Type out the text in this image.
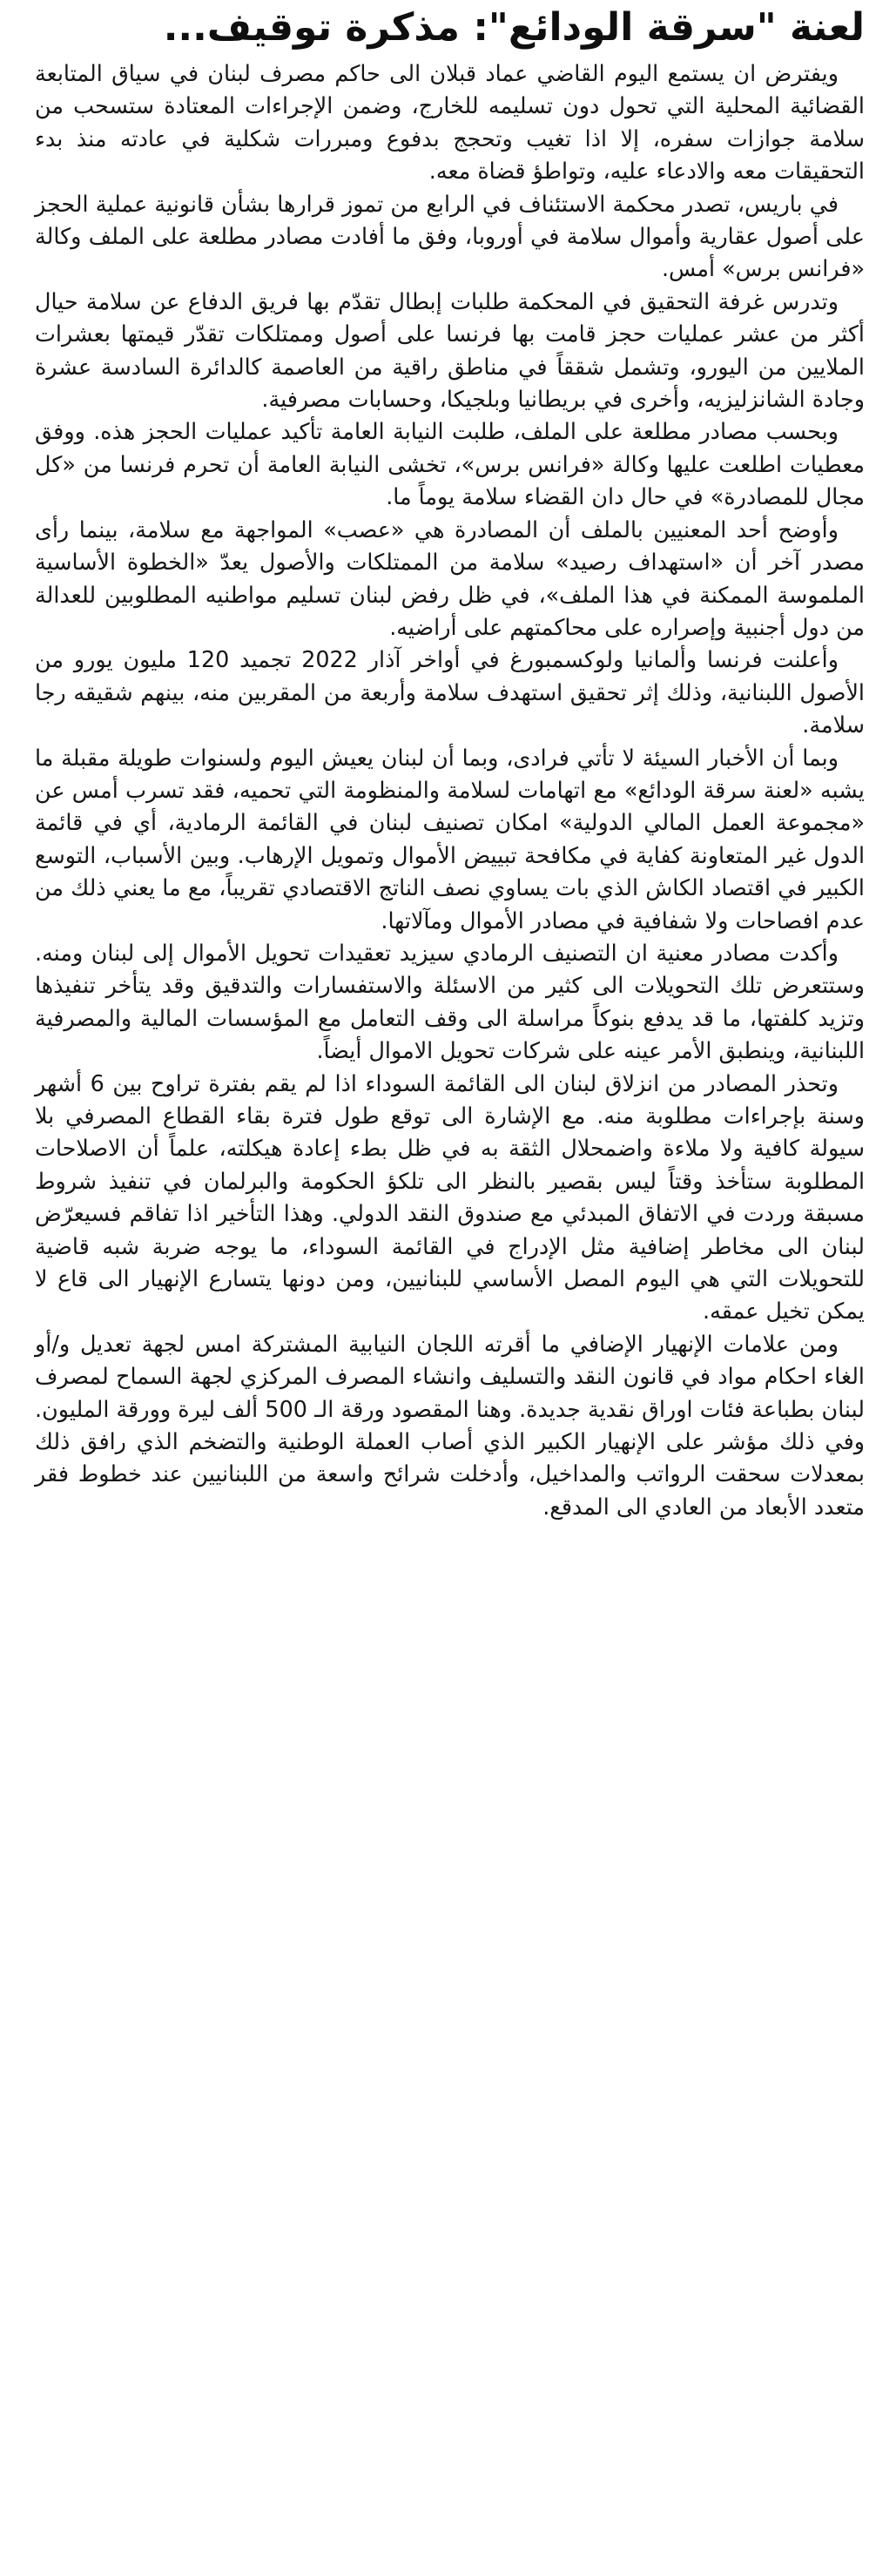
لعنة "سرقة الودائع": مذكرة توقيف...

ويفترض ان يستمع اليوم القاضي عماد قبلان الى حاكم مصرف لبنان في سياق المتابعة القضائية المحلية التي تحول دون تسليمه للخارج، وضمن الإجراءات المعتادة ستسحب من سلامة جوازات سفره، إلا اذا تغيب وتحجج بدفوع ومبررات شكلية في عادته منذ بدء التحقيقات معه والادعاء عليه، وتواطؤ قضاة معه.

في باريس، تصدر محكمة الاستئناف في الرابع من تموز قرارها بشأن قانونية عملية الحجز على أصول عقارية وأموال سلامة في أوروبا، وفق ما أفادت مصادر مطلعة على الملف وكالة «فرانس برس» أمس.

وتدرس غرفة التحقيق في المحكمة طلبات إبطال تقدّم بها فريق الدفاع عن سلامة حيال أكثر من عشر عمليات حجز قامت بها فرنسا على أصول وممتلكات تقدّر قيمتها بعشرات الملايين من اليورو، وتشمل شققاً في مناطق راقية من العاصمة كالدائرة السادسة عشرة وجادة الشانزليزيه، وأخرى في بريطانيا وبلجيكا، وحسابات مصرفية.

وبحسب مصادر مطلعة على الملف، طلبت النيابة العامة تأكيد عمليات الحجز هذه. ووفق معطيات اطلعت عليها وكالة «فرانس برس»، تخشى النيابة العامة أن تحرم فرنسا من «كل مجال للمصادرة» في حال دان القضاء سلامة يوماً ما.

وأوضح أحد المعنيين بالملف أن المصادرة هي «عصب» المواجهة مع سلامة، بينما رأى مصدر آخر أن «استهداف رصيد» سلامة من الممتلكات والأصول يعدّ «الخطوة الأساسية الملموسة الممكنة في هذا الملف»، في ظل رفض لبنان تسليم مواطنيه المطلوبين للعدالة من دول أجنبية وإصراره على محاكمتهم على أراضيه.

وأعلنت فرنسا وألمانيا ولوكسمبورغ في أواخر آذار 2022 تجميد 120 مليون يورو من الأصول اللبنانية، وذلك إثر تحقيق استهدف سلامة وأربعة من المقربين منه، بينهم شقيقه رجا سلامة.

وبما أن الأخبار السيئة لا تأتي فرادى، وبما أن لبنان يعيش اليوم ولسنوات طويلة مقبلة ما يشبه «لعنة سرقة الودائع» مع اتهامات لسلامة والمنظومة التي تحميه، فقد تسرب أمس عن «مجموعة العمل المالي الدولية» امكان تصنيف لبنان في القائمة الرمادية، أي في قائمة الدول غير المتعاونة كفاية في مكافحة تبييض الأموال وتمويل الإرهاب. وبين الأسباب، التوسع الكبير في اقتصاد الكاش الذي بات يساوي نصف الناتج الاقتصادي تقريباً، مع ما يعني ذلك من عدم افصاحات ولا شفافية في مصادر الأموال ومآلاتها.

وأكدت مصادر معنية ان التصنيف الرمادي سيزيد تعقيدات تحويل الأموال إلى لبنان ومنه. وستتعرض تلك التحويلات الى كثير من الاسئلة والاستفسارات والتدقيق وقد يتأخر تنفيذها وتزيد كلفتها، ما قد يدفع بنوكاً مراسلة الى وقف التعامل مع المؤسسات المالية والمصرفية اللبنانية، وينطبق الأمر عينه على شركات تحويل الاموال أيضاً.

وتحذر المصادر من انزلاق لبنان الى القائمة السوداء اذا لم يقم بفترة تراوح بين 6 أشهر وسنة بإجراءات مطلوبة منه. مع الإشارة الى توقع طول فترة بقاء القطاع المصرفي بلا سيولة كافية ولا ملاءة واضمحلال الثقة به في ظل بطء إعادة هيكلته، علماً أن الاصلاحات المطلوبة ستأخذ وقتاً ليس بقصير بالنظر الى تلكؤ الحكومة والبرلمان في تنفيذ شروط مسبقة وردت في الاتفاق المبدئي مع صندوق النقد الدولي. وهذا التأخير اذا تفاقم فسيعرّض لبنان الى مخاطر إضافية مثل الإدراج في القائمة السوداء، ما يوجه ضربة شبه قاضية للتحويلات التي هي اليوم المصل الأساسي للبنانيين، ومن دونها يتسارع الإنهيار الى قاع لا يمكن تخيل عمقه.

ومن علامات الإنهيار الإضافي ما أقرته اللجان النيابية المشتركة امس لجهة تعديل و/أو الغاء احكام مواد في قانون النقد والتسليف وانشاء المصرف المركزي لجهة السماح لمصرف لبنان بطباعة فئات اوراق نقدية جديدة. وهنا المقصود ورقة الـ 500 ألف ليرة وورقة المليون. وفي ذلك مؤشر على الإنهيار الكبير الذي أصاب العملة الوطنية والتضخم الذي رافق ذلك بمعدلات سحقت الرواتب والمداخيل، وأدخلت شرائح واسعة من اللبنانيين عند خطوط فقر متعدد الأبعاد من العادي الى المدقع.
